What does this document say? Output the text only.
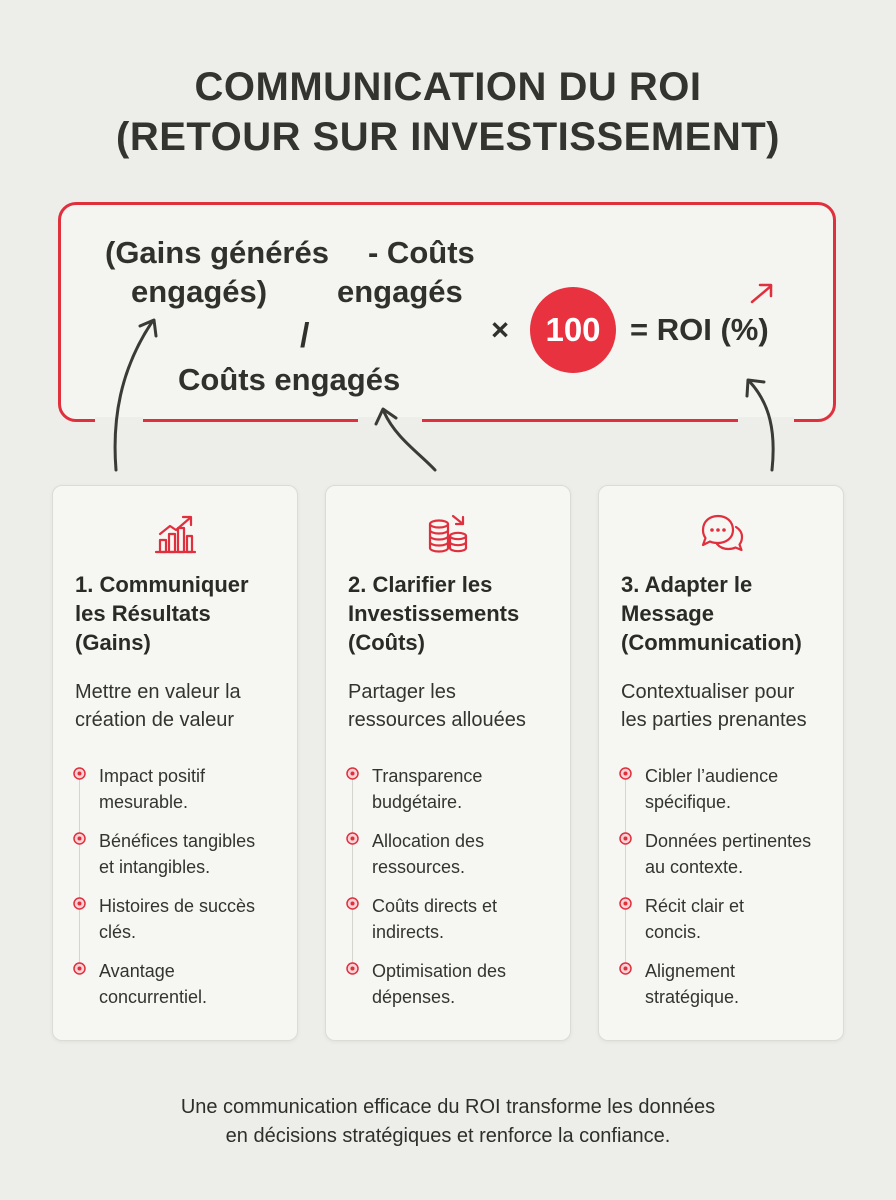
COMMUNICATION DU ROI
(RETOUR SUR INVESTISSEMENT)
(Gains générés
engagés)
- Coûts
engagés
/
Coûts engagés
×	100 = ROI (%)
1. Communiquer
les Résultats
(Gains)
Mettre en valeur la
création de valeur
Impact positif
mesurable.
Bénéfices tangibles
et intangibles.
Histoires de succès
clés.
Avantage
concurrentiel.
2. Clarifier les
Investissements
(Coûts)
Partager les
ressources allouées
Transparence
budgétaire.
Allocation des
ressources.
Coûts directs et
indirects.
Optimisation des
dépenses.
3. Adapter le
Message
(Communication)
Contextualiser pour
les parties prenantes
Cibler l’audience
spécifique.
Données pertinentes
au contexte.
Récit clair et
concis.
Alignement
stratégique.
Une communication efficace du ROI transforme les données
en décisions stratégiques et renforce la confiance.
